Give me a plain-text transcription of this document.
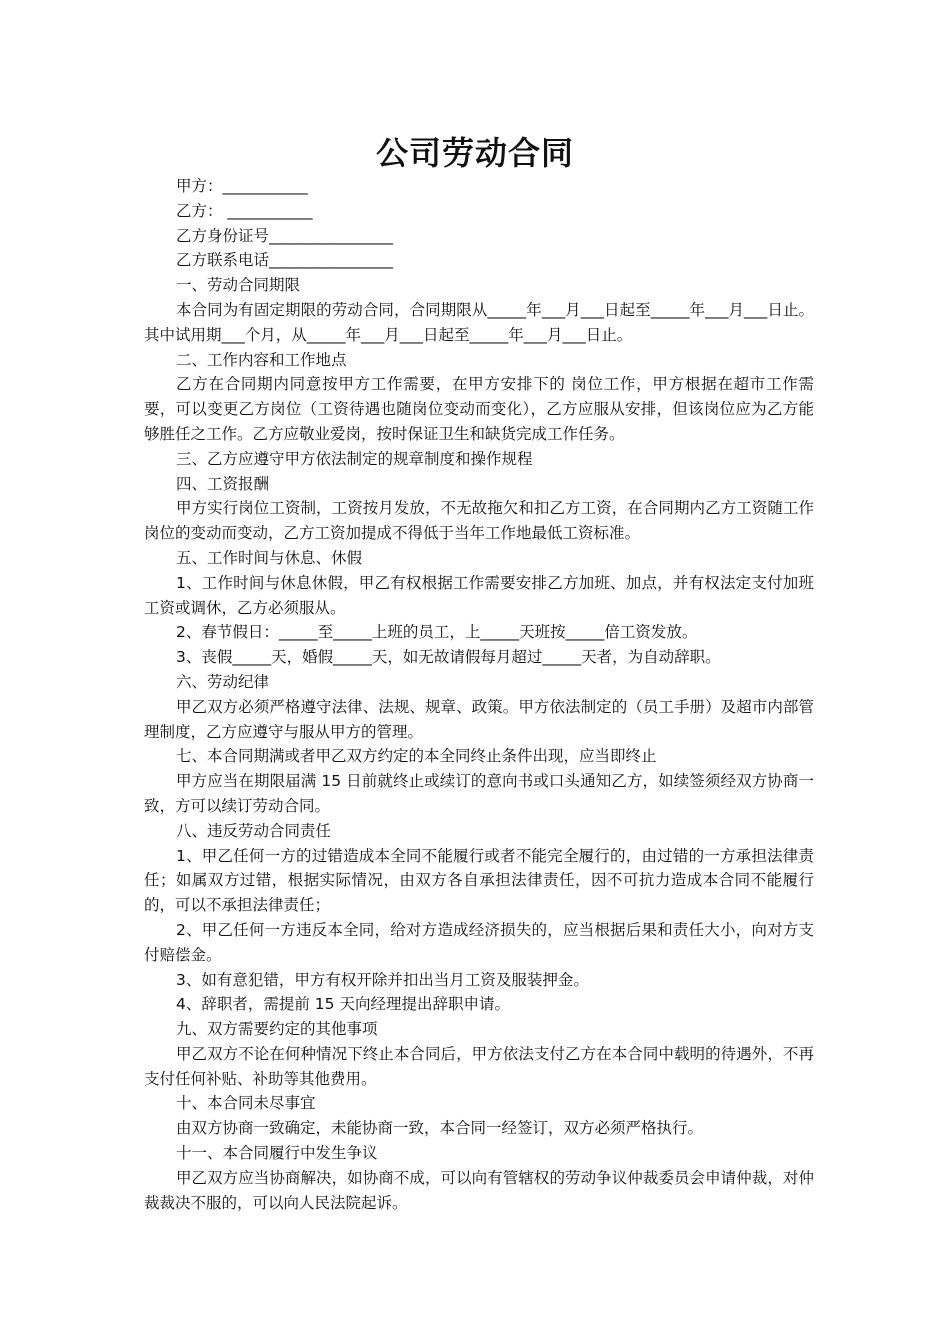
公司劳动合同

甲方：___________

乙方： ___________

乙方身份证号________________

乙方联系电话________________

一、劳动合同期限

本合同为有固定期限的劳动合同，合同期限从_____年___月___日起至_____年___月___日止。其中试用期___个月，从_____年___月___日起至_____年___月___日止。

二、工作内容和工作地点

乙方在合同期内同意按甲方工作需要，在甲方安排下的 岗位工作，甲方根据在超市工作需要，可以变更乙方岗位（工资待遇也随岗位变动而变化），乙方应服从安排，但该岗位应为乙方能够胜任之工作。乙方应敬业爱岗，按时保证卫生和缺货完成工作任务。

三、乙方应遵守甲方依法制定的规章制度和操作规程

四、工资报酬

甲方实行岗位工资制，工资按月发放，不无故拖欠和扣乙方工资，在合同期内乙方工资随工作岗位的变动而变动，乙方工资加提成不得低于当年工作地最低工资标准。

五、工作时间与休息、休假

1、工作时间与休息休假，甲乙有权根据工作需要安排乙方加班、加点，并有权法定支付加班工资或调休，乙方必须服从。

2、春节假日：_____至_____上班的员工，上_____天班按_____倍工资发放。

3、丧假_____天，婚假_____天，如无故请假每月超过_____天者，为自动辞职。

六、劳动纪律

甲乙双方必须严格遵守法律、法规、规章、政策。甲方依法制定的（员工手册）及超市内部管理制度，乙方应遵守与服从甲方的管理。

七、本合同期满或者甲乙双方约定的本全同终止条件出现，应当即终止

甲方应当在期限届满 15 日前就终止或续订的意向书或口头通知乙方，如续签须经双方协商一致，方可以续订劳动合同。

八、违反劳动合同责任

1、甲乙任何一方的过错造成本全同不能履行或者不能完全履行的，由过错的一方承担法律责任；如属双方过错，根据实际情况，由双方各自承担法律责任，因不可抗力造成本合同不能履行的，可以不承担法律责任；

2、甲乙任何一方违反本全同，给对方造成经济损失的，应当根据后果和责任大小，向对方支付赔偿金。

3、如有意犯错，甲方有权开除并扣出当月工资及服装押金。

4、辞职者，需提前 15 天向经理提出辞职申请。

九、双方需要约定的其他事项

甲乙双方不论在何种情况下终止本合同后，甲方依法支付乙方在本合同中载明的待遇外，不再支付任何补贴、补助等其他费用。

十、本合同未尽事宜

由双方协商一致确定，未能协商一致，本合同一经签订，双方必须严格执行。

十一、本合同履行中发生争议

甲乙双方应当协商解决，如协商不成，可以向有管辖权的劳动争议仲裁委员会申请仲裁，对仲裁裁决不服的，可以向人民法院起诉。
